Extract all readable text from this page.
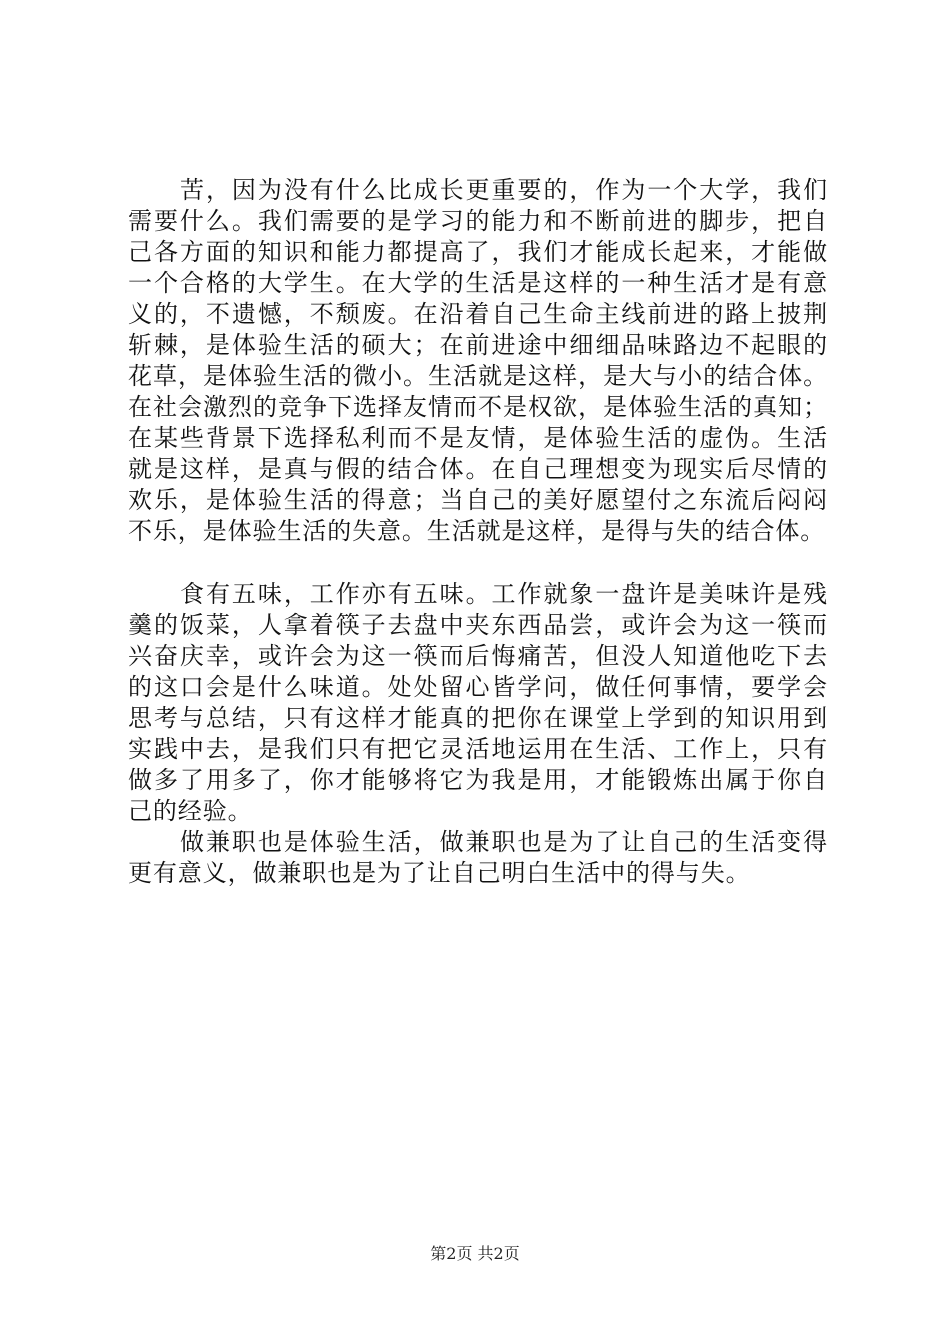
苦，因为没有什么比成长更重要的，作为一个大学，我们
需要什么。我们需要的是学习的能力和不断前进的脚步，把自
己各方面的知识和能力都提高了，我们才能成长起来，才能做
一个合格的大学生。在大学的生活是这样的一种生活才是有意
义的，不遗憾，不颓废。在沿着自己生命主线前进的路上披荆
斩棘，是体验生活的硕大；在前进途中细细品味路边不起眼的
花草，是体验生活的微小。生活就是这样，是大与小的结合体。
在社会激烈的竞争下选择友情而不是权欲，是体验生活的真知；
在某些背景下选择私利而不是友情，是体验生活的虚伪。生活
就是这样，是真与假的结合体。在自己理想变为现实后尽情的
欢乐，是体验生活的得意；当自己的美好愿望付之东流后闷闷
不乐，是体验生活的失意。生活就是这样，是得与失的结合体。
食有五味，工作亦有五味。工作就象一盘许是美味许是残
羹的饭菜，人拿着筷子去盘中夹东西品尝，或许会为这一筷而
兴奋庆幸，或许会为这一筷而后悔痛苦，但没人知道他吃下去
的这口会是什么味道。处处留心皆学问，做任何事情，要学会
思考与总结，只有这样才能真的把你在课堂上学到的知识用到
实践中去，是我们只有把它灵活地运用在生活、工作上，只有
做多了用多了，你才能够将它为我是用，才能锻炼出属于你自
己的经验。
做兼职也是体验生活，做兼职也是为了让自己的生活变得
更有意义，做兼职也是为了让自己明白生活中的得与失。
第2页 共2页
